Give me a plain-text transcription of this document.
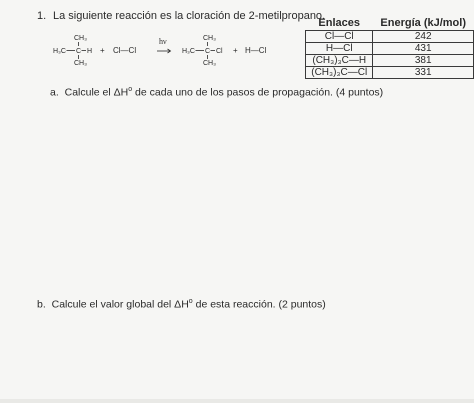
1. La siguiente reacción es la cloración de 2-metilpropano.
CH₃
H₃C C H
CH₃
+ Cl—Cl
hν	CH₃
H₃C C Cl
CH₃
+ H—Cl
Enlaces	Energía (kJ/mol)
Cl—Cl	242
H—Cl	431
(CH₃)₃C—H	381
(CH₃)₃C—Cl	331
a. Calcule el $\Delta H^o$ de cada uno de los pasos de propagación. (4 puntos)
b. Calcule el valor global del $\Delta H^o$ de esta reacción. (2 puntos)
